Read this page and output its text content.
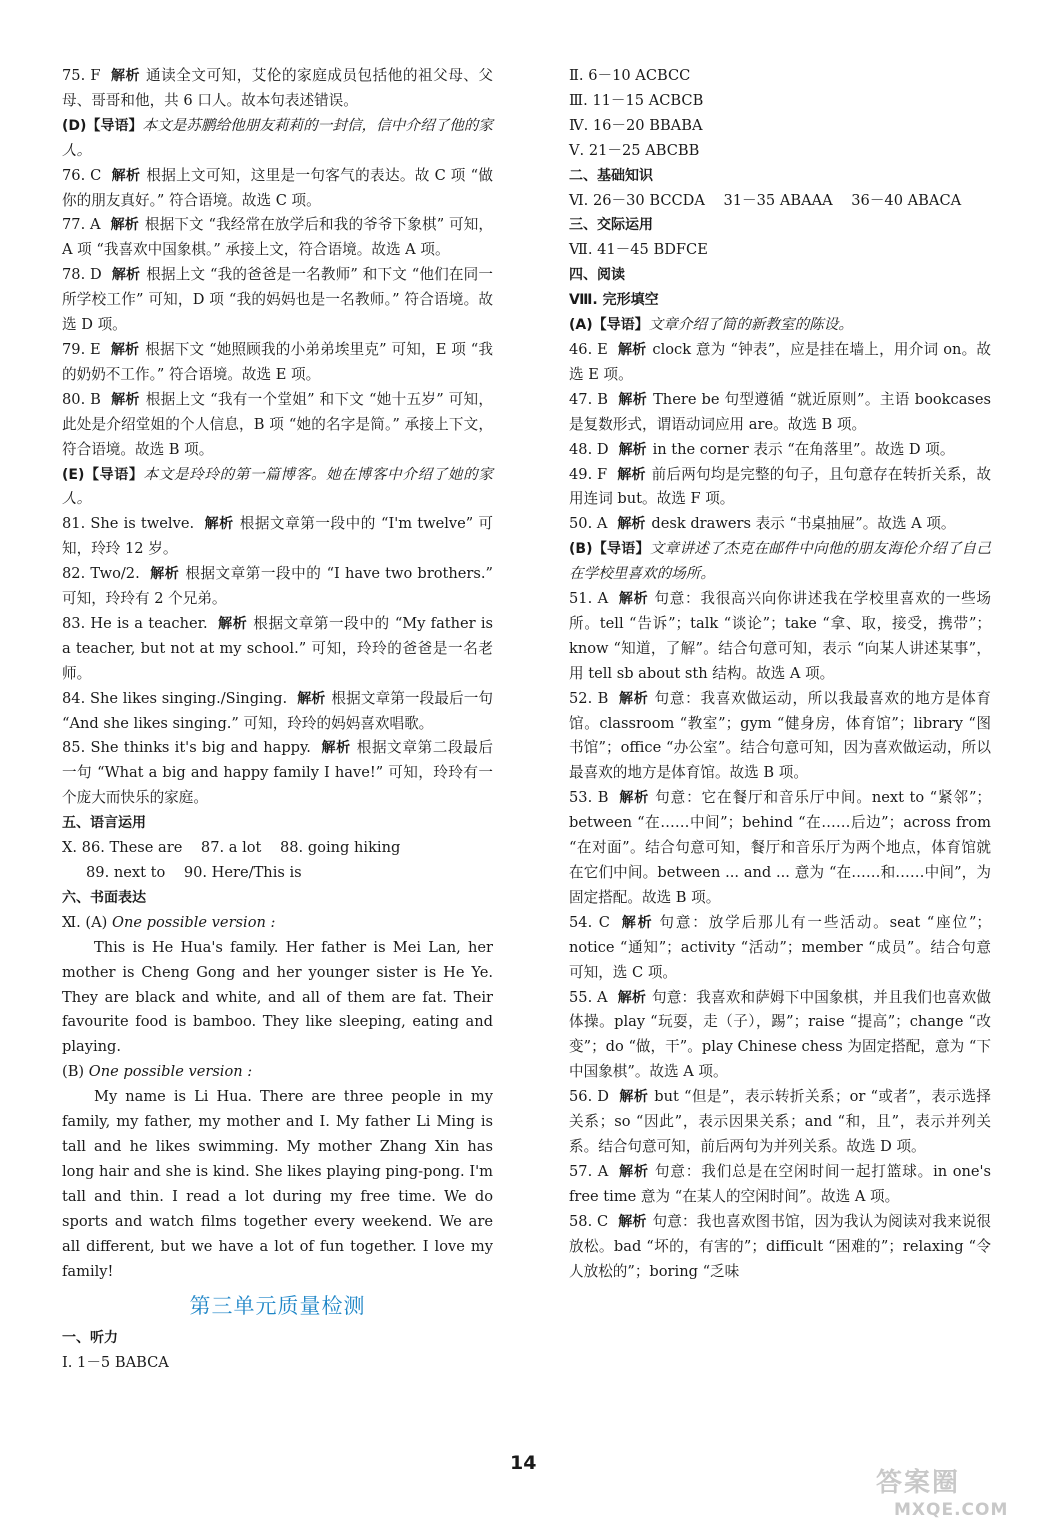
75. F 解析 通读全文可知，艾伦的家庭成员包括他的祖父母、父母、哥哥和他，共 6 口人。故本句表述错误。

(D)【导语】本文是苏鹏给他朋友莉莉的一封信，信中介绍了他的家人。

76. C 解析 根据上文可知，这里是一句客气的表达。故 C 项 “做你的朋友真好。” 符合语境。故选 C 项。

77. A 解析 根据下文 “我经常在放学后和我的爷爷下象棋” 可知，A 项 “我喜欢中国象棋。” 承接上文，符合语境。故选 A 项。

78. D 解析 根据上文 “我的爸爸是一名教师” 和下文 “他们在同一所学校工作” 可知，D 项 “我的妈妈也是一名教师。” 符合语境。故选 D 项。

79. E 解析 根据下文 “她照顾我的小弟弟埃里克” 可知，E 项 “我的奶奶不工作。” 符合语境。故选 E 项。

80. B 解析 根据上文 “我有一个堂姐” 和下文 “她十五岁” 可知，此处是介绍堂姐的个人信息，B 项 “她的名字是简。” 承接上下文，符合语境。故选 B 项。

(E)【导语】本文是玲玲的第一篇博客。她在博客中介绍了她的家人。

81. She is twelve. 解析 根据文章第一段中的 “I'm twelve” 可知，玲玲 12 岁。

82. Two/2. 解析 根据文章第一段中的 “I have two brothers.” 可知，玲玲有 2 个兄弟。

83. He is a teacher. 解析 根据文章第一段中的 “My father is a teacher, but not at my school.” 可知，玲玲的爸爸是一名老师。

84. She likes singing./Singing. 解析 根据文章第一段最后一句 “And she likes singing.” 可知，玲玲的妈妈喜欢唱歌。

85. She thinks it's big and happy. 解析 根据文章第二段最后一句 “What a big and happy family I have!” 可知，玲玲有一个庞大而快乐的家庭。

五、语言运用

Ⅹ. 86. These are    87. a lot    88. going hiking

89. next to    90. Here/This is

六、书面表达

Ⅺ. (A) One possible version :

This is He Hua's family. Her father is Mei Lan, her mother is Cheng Gong and her younger sister is He Ye. They are black and white, and all of them are fat. Their favourite food is bamboo. They like sleeping, eating and playing.

(B) One possible version :

My name is Li Hua. There are three people in my family, my father, my mother and I. My father Li Ming is tall and he likes swimming. My mother Zhang Xin has long hair and she is kind. She likes playing ping-pong. I'm tall and thin. I read a lot during my free time. We do sports and watch films together every weekend. We are all different, but we have a lot of fun together. I love my family!

第三单元质量检测

一、听力

Ⅰ. 1－5 BABCA

Ⅱ. 6－10 ACBCC

Ⅲ. 11－15 ACBCB

Ⅳ. 16－20 BBABA

Ⅴ. 21－25 ABCBB

二、基础知识

Ⅵ. 26－30 BCCDA    31－35 ABAAA    36－40 ABACA

三、交际运用

Ⅶ. 41－45 BDFCE

四、阅读

Ⅷ. 完形填空

(A)【导语】文章介绍了简的新教室的陈设。

46. E 解析 clock 意为 “钟表”，应是挂在墙上，用介词 on。故选 E 项。

47. B 解析 There be 句型遵循 “就近原则”。主语 bookcases 是复数形式，谓语动词应用 are。故选 B 项。

48. D 解析 in the corner 表示 “在角落里”。故选 D 项。

49. F 解析 前后两句均是完整的句子，且句意存在转折关系，故用连词 but。故选 F 项。

50. A 解析 desk drawers 表示 “书桌抽屉”。故选 A 项。

(B)【导语】文章讲述了杰克在邮件中向他的朋友海伦介绍了自己在学校里喜欢的场所。

51. A 解析 句意：我很高兴向你讲述我在学校里喜欢的一些场所。tell “告诉”；talk “谈论”；take “拿、取，接受，携带”；know “知道，了解”。结合句意可知，表示 “向某人讲述某事”，用 tell sb about sth 结构。故选 A 项。

52. B 解析 句意：我喜欢做运动，所以我最喜欢的地方是体育馆。classroom “教室”；gym “健身房，体育馆”；library “图书馆”；office “办公室”。结合句意可知，因为喜欢做运动，所以最喜欢的地方是体育馆。故选 B 项。

53. B 解析 句意：它在餐厅和音乐厅中间。next to “紧邻”；between “在……中间”；behind “在……后边”；across from “在对面”。结合句意可知，餐厅和音乐厅为两个地点，体育馆就在它们中间。between ... and ... 意为 “在……和……中间”，为固定搭配。故选 B 项。

54. C 解析 句意：放学后那儿有一些活动。seat “座位”；notice “通知”；activity “活动”；member “成员”。结合句意可知，选 C 项。

55. A 解析 句意：我喜欢和萨姆下中国象棋，并且我们也喜欢做体操。play “玩耍，走（子），踢”；raise “提高”；change “改变”；do “做，干”。play Chinese chess 为固定搭配，意为 “下中国象棋”。故选 A 项。

56. D 解析 but “但是”，表示转折关系；or “或者”，表示选择关系；so “因此”，表示因果关系；and “和，且”，表示并列关系。结合句意可知，前后两句为并列关系。故选 D 项。

57. A 解析 句意：我们总是在空闲时间一起打篮球。in one's free time 意为 “在某人的空闲时间”。故选 A 项。

58. C 解析 句意：我也喜欢图书馆，因为我认为阅读对我来说很放松。bad “坏的，有害的”；difficult “困难的”；relaxing “令人放松的”；boring “乏味

14
答案圈
MXQE.COM
